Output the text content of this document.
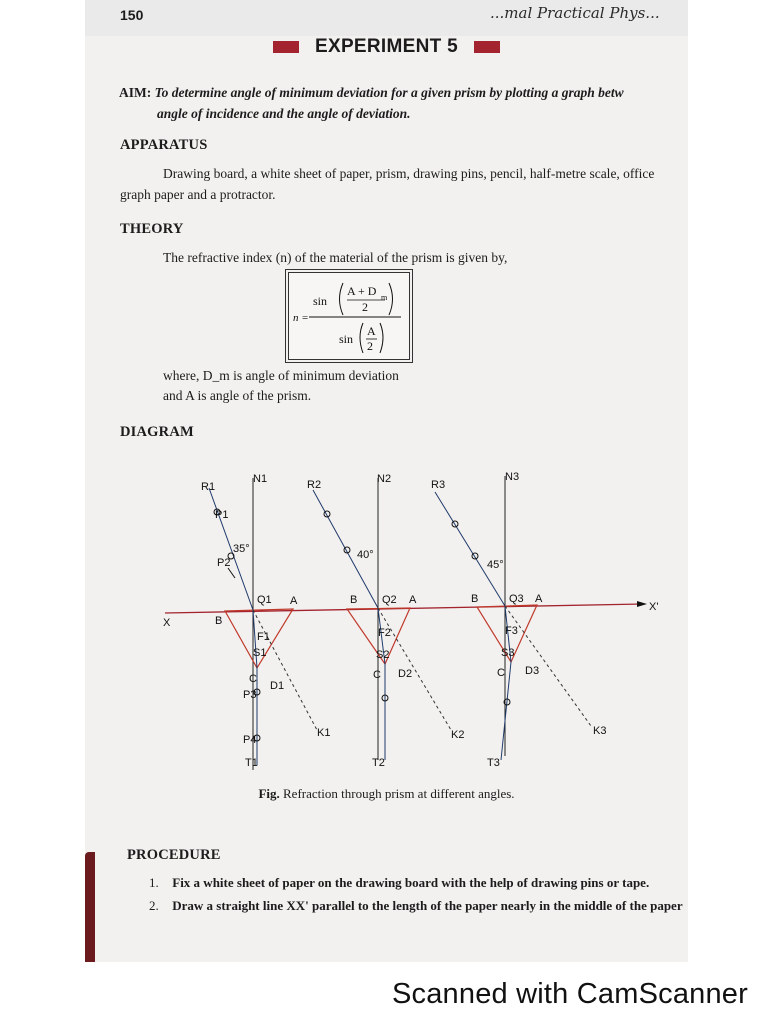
150	...mal Practical Phys...
EXPERIMENT 5
AIM: To determine angle of minimum deviation for a given prism by plotting a graph betw
angle of incidence and the angle of deviation.
APPARATUS
Drawing board, a white sheet of paper, prism, drawing pins, pencil, half-metre scale, office
graph paper and a protractor.
THEORY
The refractive index (n) of the material of the prism is given by,
sin
A + D m
2
n =
sin
A
2
where, D_m is angle of minimum deviation
and A is angle of the prism.
DIAGRAM
X
X'
R1
N1
P1
P2
35°
Q1 A
B
F1
S1
C
D1
P3
P4
K1
T1
R2	N2
40°
B Q2 A
F2
S2
C D2
K2
T2
R3
N3
45°
B	Q3 A
F3
S3
C D3
K3
T3
Fig. Refraction through prism at different angles.
PROCEDURE
1. Fix a white sheet of paper on the drawing board with the help of drawing pins or tape.
2. Draw a straight line XX' parallel to the length of the paper nearly in the middle of the paper
Scanned with CamScanner
